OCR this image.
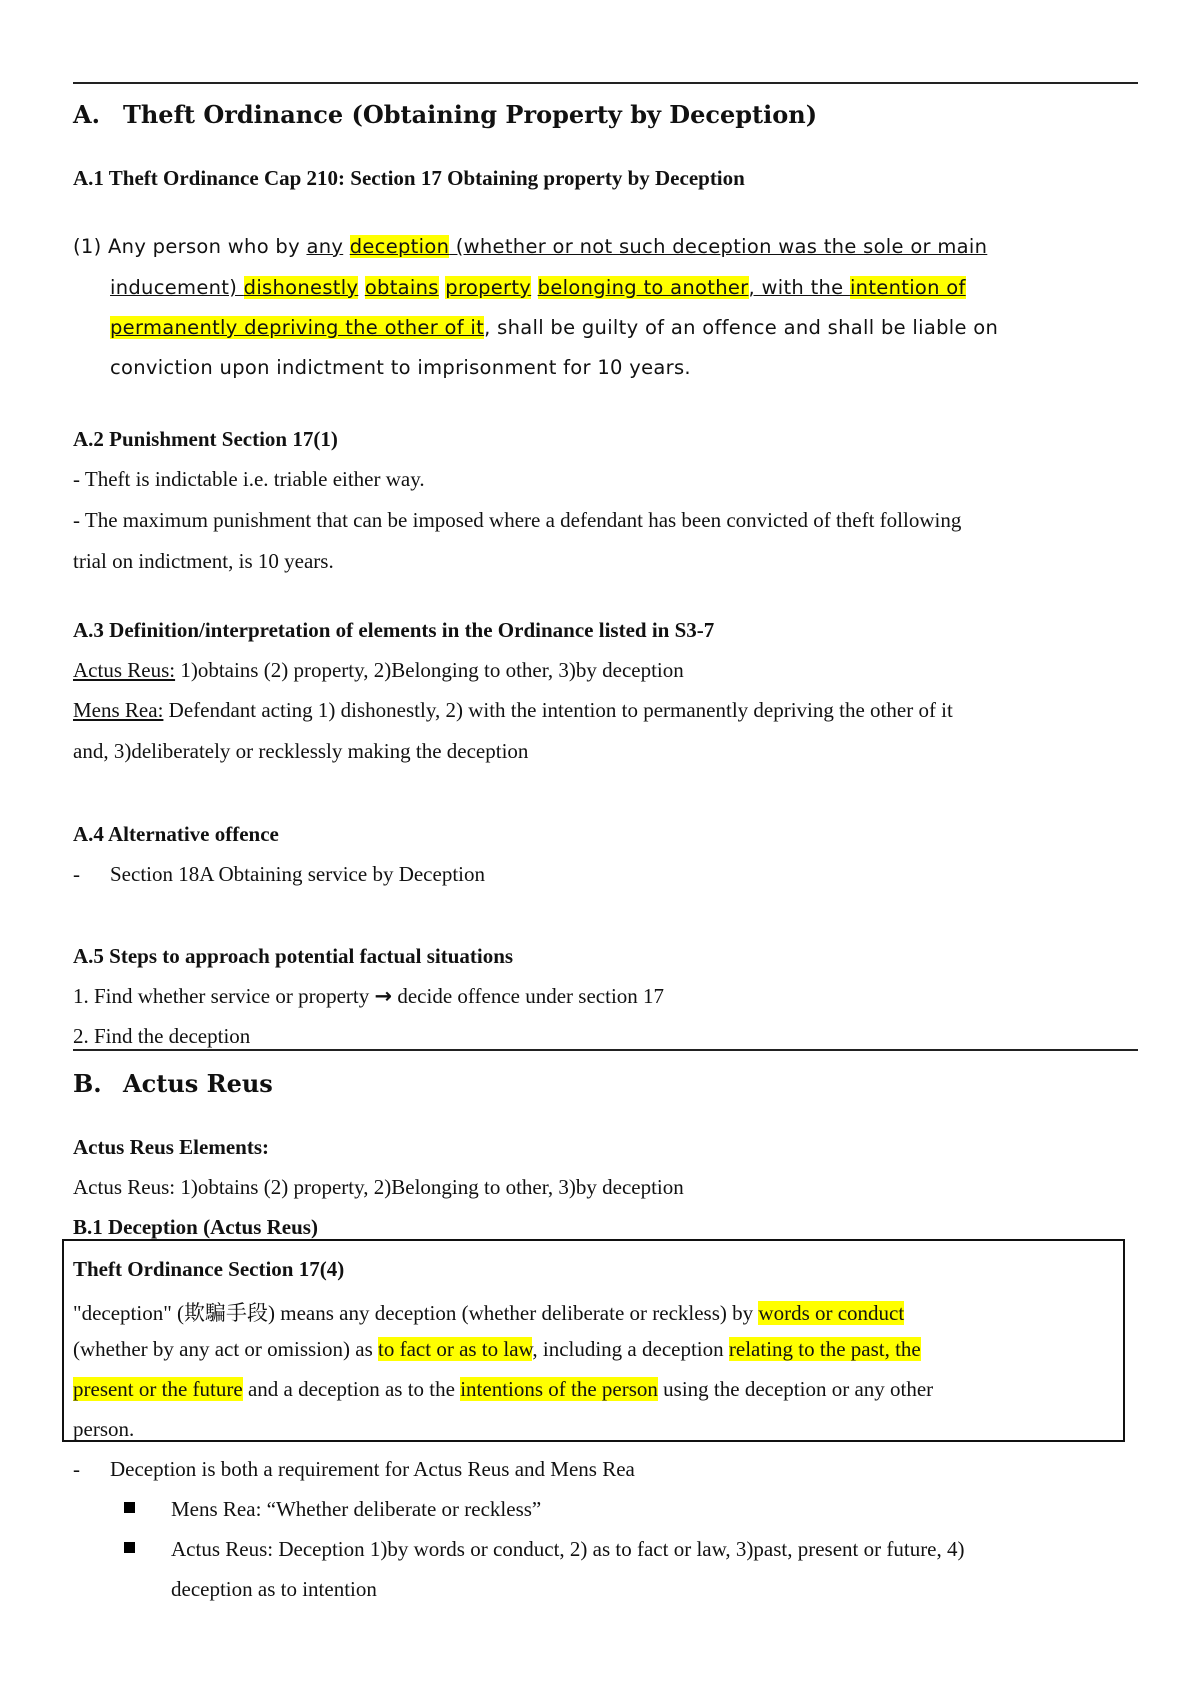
A. Theft Ordinance (Obtaining Property by Deception)
A.1 Theft Ordinance Cap 210: Section 17 Obtaining property by Deception
(1) Any person who by any deception (whether or not such deception was the sole or main
inducement) dishonestly obtains property belonging to another, with the intention of
permanently depriving the other of it, shall be guilty of an offence and shall be liable on
conviction upon indictment to imprisonment for 10 years.
A.2 Punishment Section 17(1)
- Theft is indictable i.e. triable either way.
- The maximum punishment that can be imposed where a defendant has been convicted of theft following
trial on indictment, is 10 years.
A.3 Definition/interpretation of elements in the Ordinance listed in S3-7
Actus Reus: 1)obtains (2) property, 2)Belonging to other, 3)by deception
Mens Rea: Defendant acting 1) dishonestly, 2) with the intention to permanently depriving the other of it
and, 3)deliberately or recklessly making the deception
A.4 Alternative offence
- Section 18A Obtaining service by Deception
A.5 Steps to approach potential factual situations
1. Find whether service or property → decide offence under section 17
2. Find the deception
B. Actus Reus
Actus Reus Elements:
Actus Reus: 1)obtains (2) property, 2)Belonging to other, 3)by deception
B.1 Deception (Actus Reus)
Theft Ordinance Section 17(4)
"deception" (欺騙手段) means any deception (whether deliberate or reckless) by words or conduct
(whether by any act or omission) as to fact or as to law, including a deception relating to the past, the
present or the future and a deception as to the intentions of the person using the deception or any other
person.
- Deception is both a requirement for Actus Reus and Mens Rea
Mens Rea: “Whether deliberate or reckless”
Actus Reus: Deception 1)by words or conduct, 2) as to fact or law, 3)past, present or future, 4)
deception as to intention
